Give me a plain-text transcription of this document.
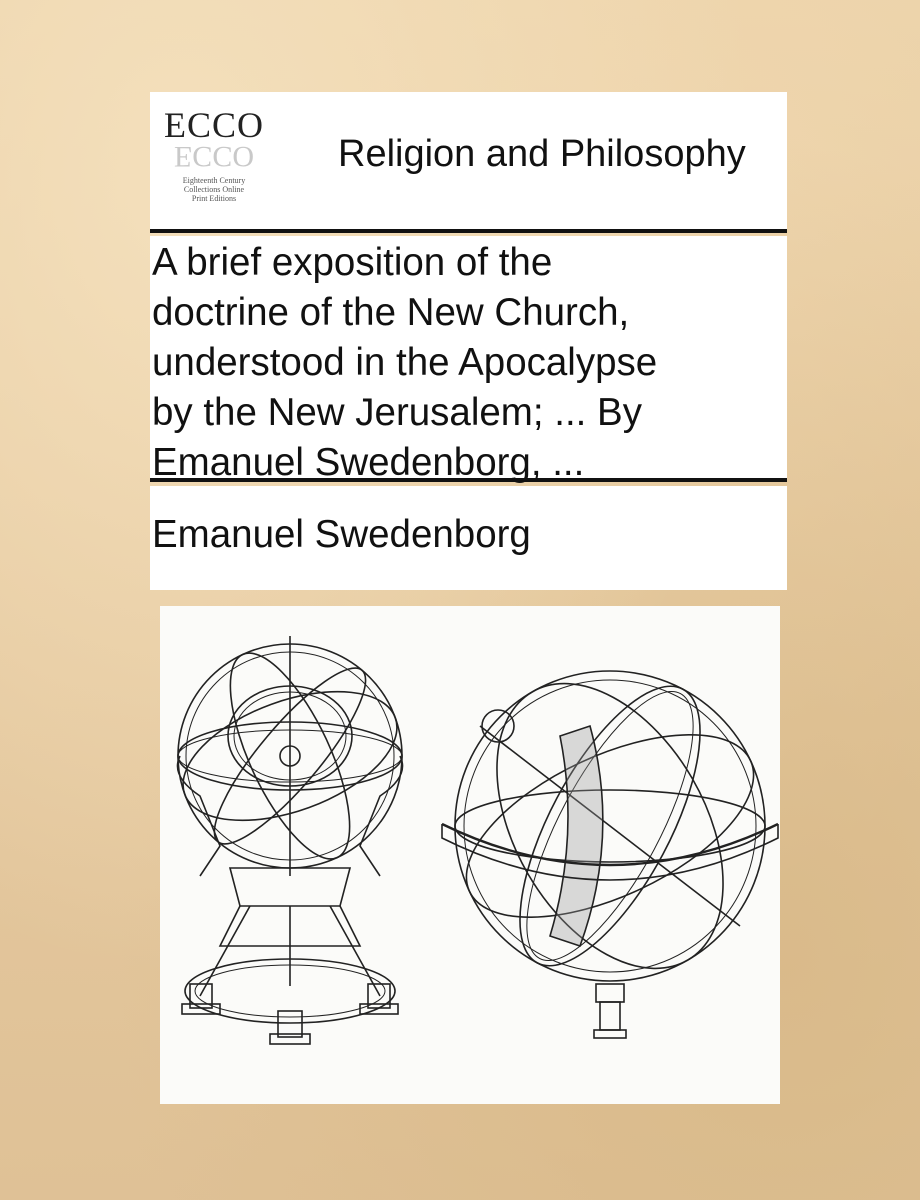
ECCO
ECCO
Eighteenth Century
Collections Online
Print Editions
Religion and Philosophy
A brief exposition of the
doctrine of the New Church,
understood in the Apocalypse
by the New Jerusalem; ... By
Emanuel Swedenborg, ...
Emanuel Swedenborg
